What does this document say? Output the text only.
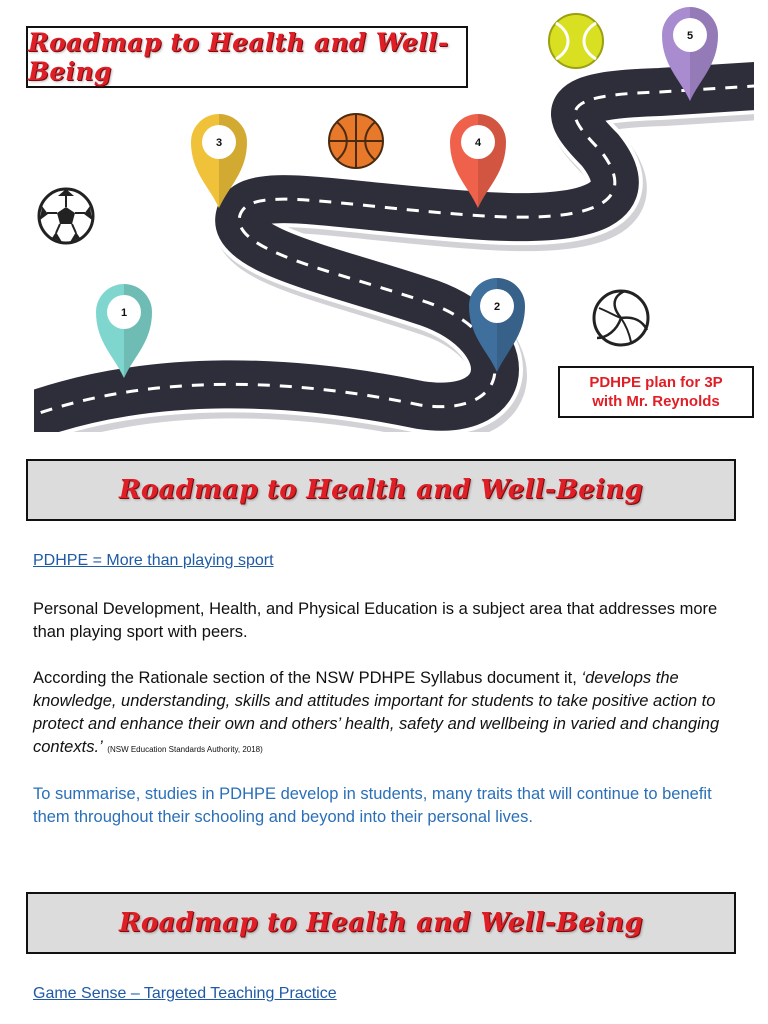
1	2
3	4
5
Roadmap to Health and Well-Being
PDHPE plan for 3P
with Mr. Reynolds
Roadmap to Health and Well-Being
PDHPE = More than playing sport
Personal Development, Health, and Physical Education is a subject area that addresses more than playing sport with peers.
According the Rationale section of the NSW PDHPE Syllabus document it, ‘develops the knowledge, understanding, skills and attitudes important for students to take positive action to protect and enhance their own and others’ health, safety and wellbeing in varied and changing contexts.’ (NSW Education Standards Authority, 2018)
To summarise, studies in PDHPE develop in students, many traits that will continue to benefit them throughout their schooling and beyond into their personal lives.
Roadmap to Health and Well-Being
Game Sense – Targeted Teaching Practice
